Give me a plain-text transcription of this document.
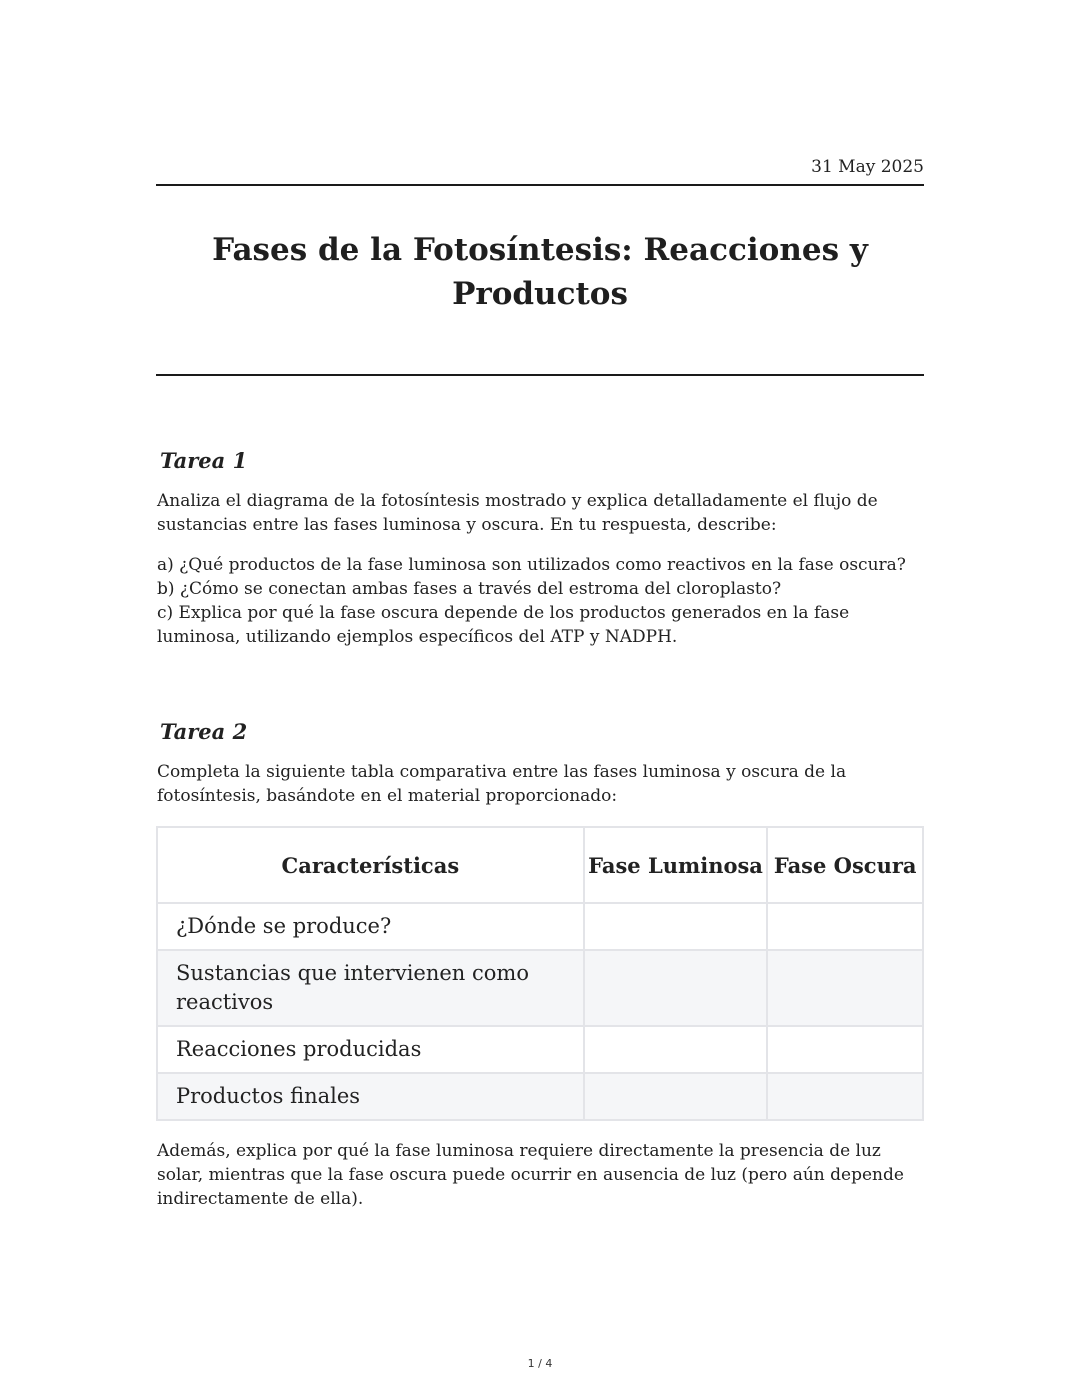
31 May 2025
Fases de la Fotosíntesis: Reacciones y Productos
Tarea 1

Analiza el diagrama de la fotosíntesis mostrado y explica detalladamente el flujo de sustancias entre las fases luminosa y oscura. En tu respuesta, describe:

a) ¿Qué productos de la fase luminosa son utilizados como reactivos en la fase oscura?
b) ¿Cómo se conectan ambas fases a través del estroma del cloroplasto?
c) Explica por qué la fase oscura depende de los productos generados en la fase luminosa, utilizando ejemplos específicos del ATP y NADPH.
Tarea 2

Completa la siguiente tabla comparativa entre las fases luminosa y oscura de la fotosíntesis, basándote en el material proporcionado:

Características	Fase Luminosa	Fase Oscura
¿Dónde se produce?		
Sustancias que intervienen como reactivos		
Reacciones producidas		
Productos finales		

Además, explica por qué la fase luminosa requiere directamente la presencia de luz solar, mientras que la fase oscura puede ocurrir en ausencia de luz (pero aún depende indirectamente de ella).

1 / 4
